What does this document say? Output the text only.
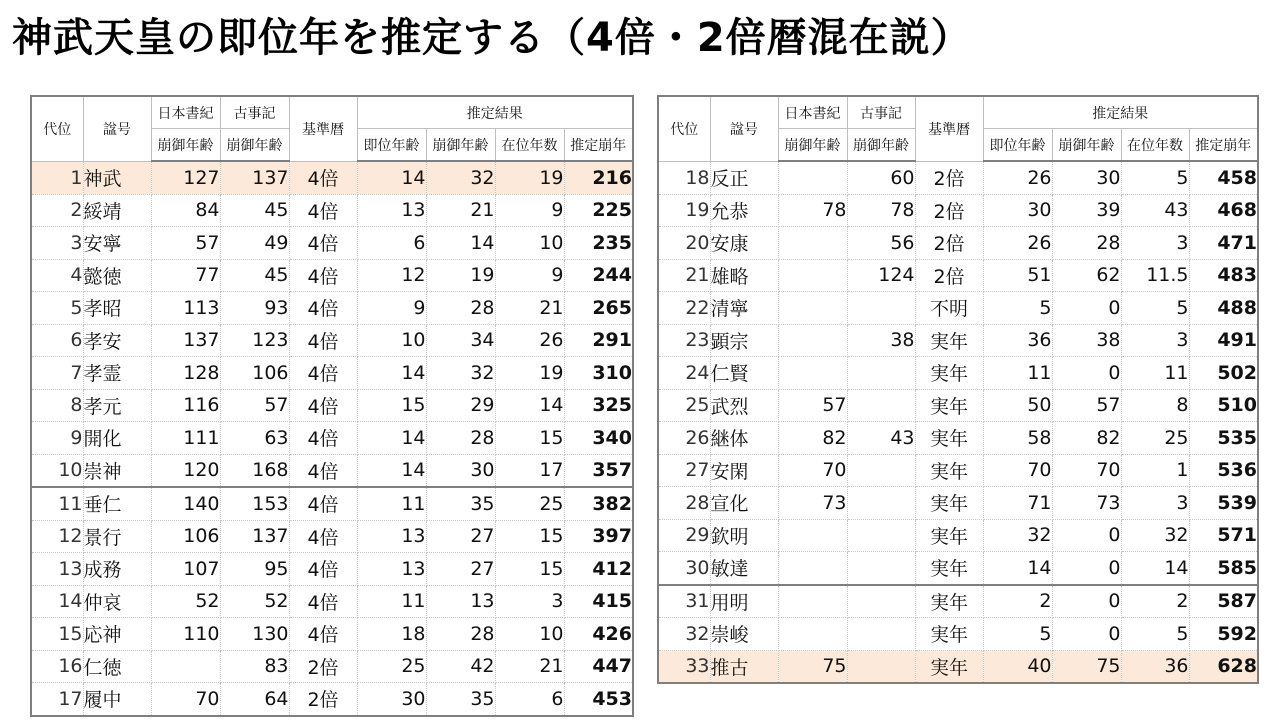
神武天皇の即位年を推定する（4倍・2倍暦混在説）
代位	諡号	日本書紀	古事記	基準暦	推定結果			
		崩御年齢	崩御年齢		即位年齢	崩御年齢	在位年数	推定崩年
1	神武	127	137	4倍	14	32	19	216
2	綏靖	84	45	4倍	13	21	9	225
3	安寧	57	49	4倍	6	14	10	235
4	懿徳	77	45	4倍	12	19	9	244
5	孝昭	113	93	4倍	9	28	21	265
6	孝安	137	123	4倍	10	34	26	291
7	孝霊	128	106	4倍	14	32	19	310
8	孝元	116	57	4倍	15	29	14	325
9	開化	111	63	4倍	14	28	15	340
10	崇神	120	168	4倍	14	30	17	357
11	垂仁	140	153	4倍	11	35	25	382
12	景行	106	137	4倍	13	27	15	397
13	成務	107	95	4倍	13	27	15	412
14	仲哀	52	52	4倍	11	13	3	415
15	応神	110	130	4倍	18	28	10	426
16	仁徳		83	2倍	25	42	21	447
17	履中	70	64	2倍	30	35	6	453
代位	諡号	日本書紀	古事記	基準暦	推定結果			
		崩御年齢	崩御年齢		即位年齢	崩御年齢	在位年数	推定崩年
18	反正		60	2倍	26	30	5	458
19	允恭	78	78	2倍	30	39	43	468
20	安康		56	2倍	26	28	3	471
21	雄略		124	2倍	51	62	11.5	483
22	清寧			不明	5	0	5	488
23	顕宗		38	実年	36	38	3	491
24	仁賢			実年	11	0	11	502
25	武烈	57		実年	50	57	8	510
26	継体	82	43	実年	58	82	25	535
27	安閑	70		実年	70	70	1	536
28	宣化	73		実年	71	73	3	539
29	欽明			実年	32	0	32	571
30	敏達			実年	14	0	14	585
31	用明			実年	2	0	2	587
32	崇峻			実年	5	0	5	592
33	推古	75		実年	40	75	36	628
